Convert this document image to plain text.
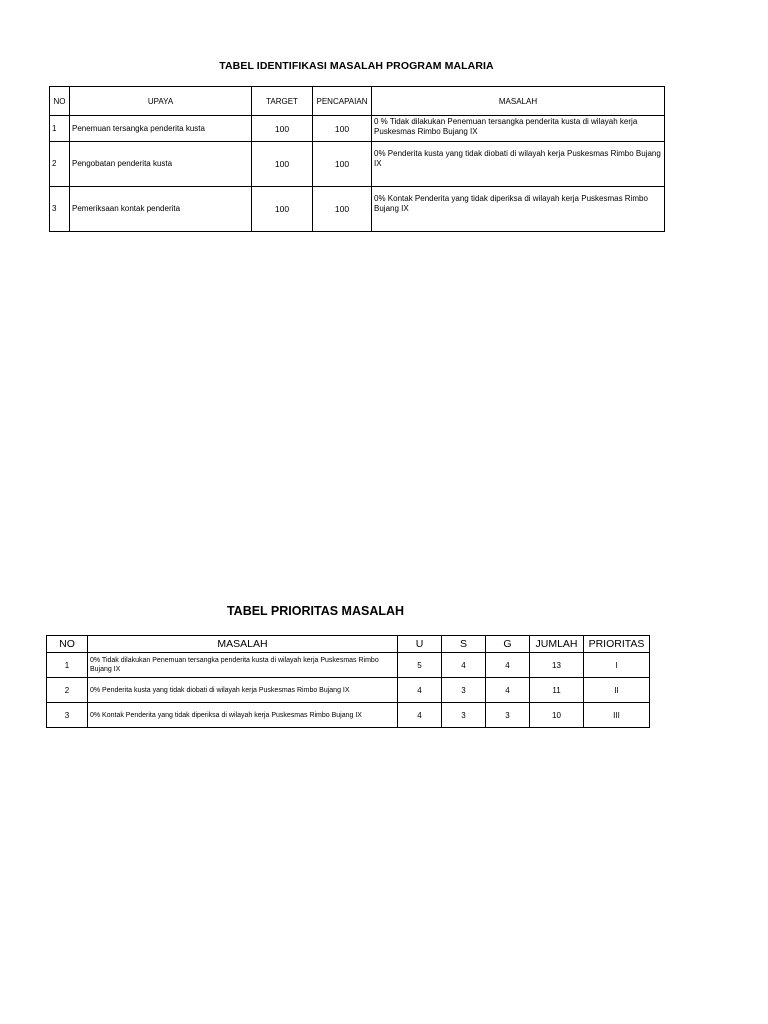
TABEL IDENTIFIKASI MASALAH PROGRAM MALARIA
NO	UPAYA	TARGET	PENCAPAIAN	MASALAH
1	Penemuan tersangka penderita kusta	100	100	0 % Tidak dilakukan Penemuan tersangka penderita kusta di wilayah kerja Puskesmas Rimbo Bujang IX
2	Pengobatan penderita kusta	100	100	0% Penderita kusta yang tidak diobati di wilayah kerja Puskesmas Rimbo Bujang IX
3	Pemeriksaan kontak penderita	100	100	0% Kontak Penderita yang tidak diperiksa di wilayah kerja Puskesmas Rimbo Bujang IX
TABEL PRIORITAS MASALAH
NO	MASALAH	U	S	G	JUMLAH	PRIORITAS
1	0% Tidak dilakukan Penemuan tersangka penderita kusta di wilayah kerja Puskesmas Rimbo Bujang IX	5	4	4	13	I
2	0% Penderita kusta yang tidak diobati di wilayah kerja Puskesmas Rimbo Bujang IX	4	3	4	11	II
3	0% Kontak Penderita yang tidak diperiksa di wilayah kerja Puskesmas Rimbo Bujang IX	4	3	3	10	III
